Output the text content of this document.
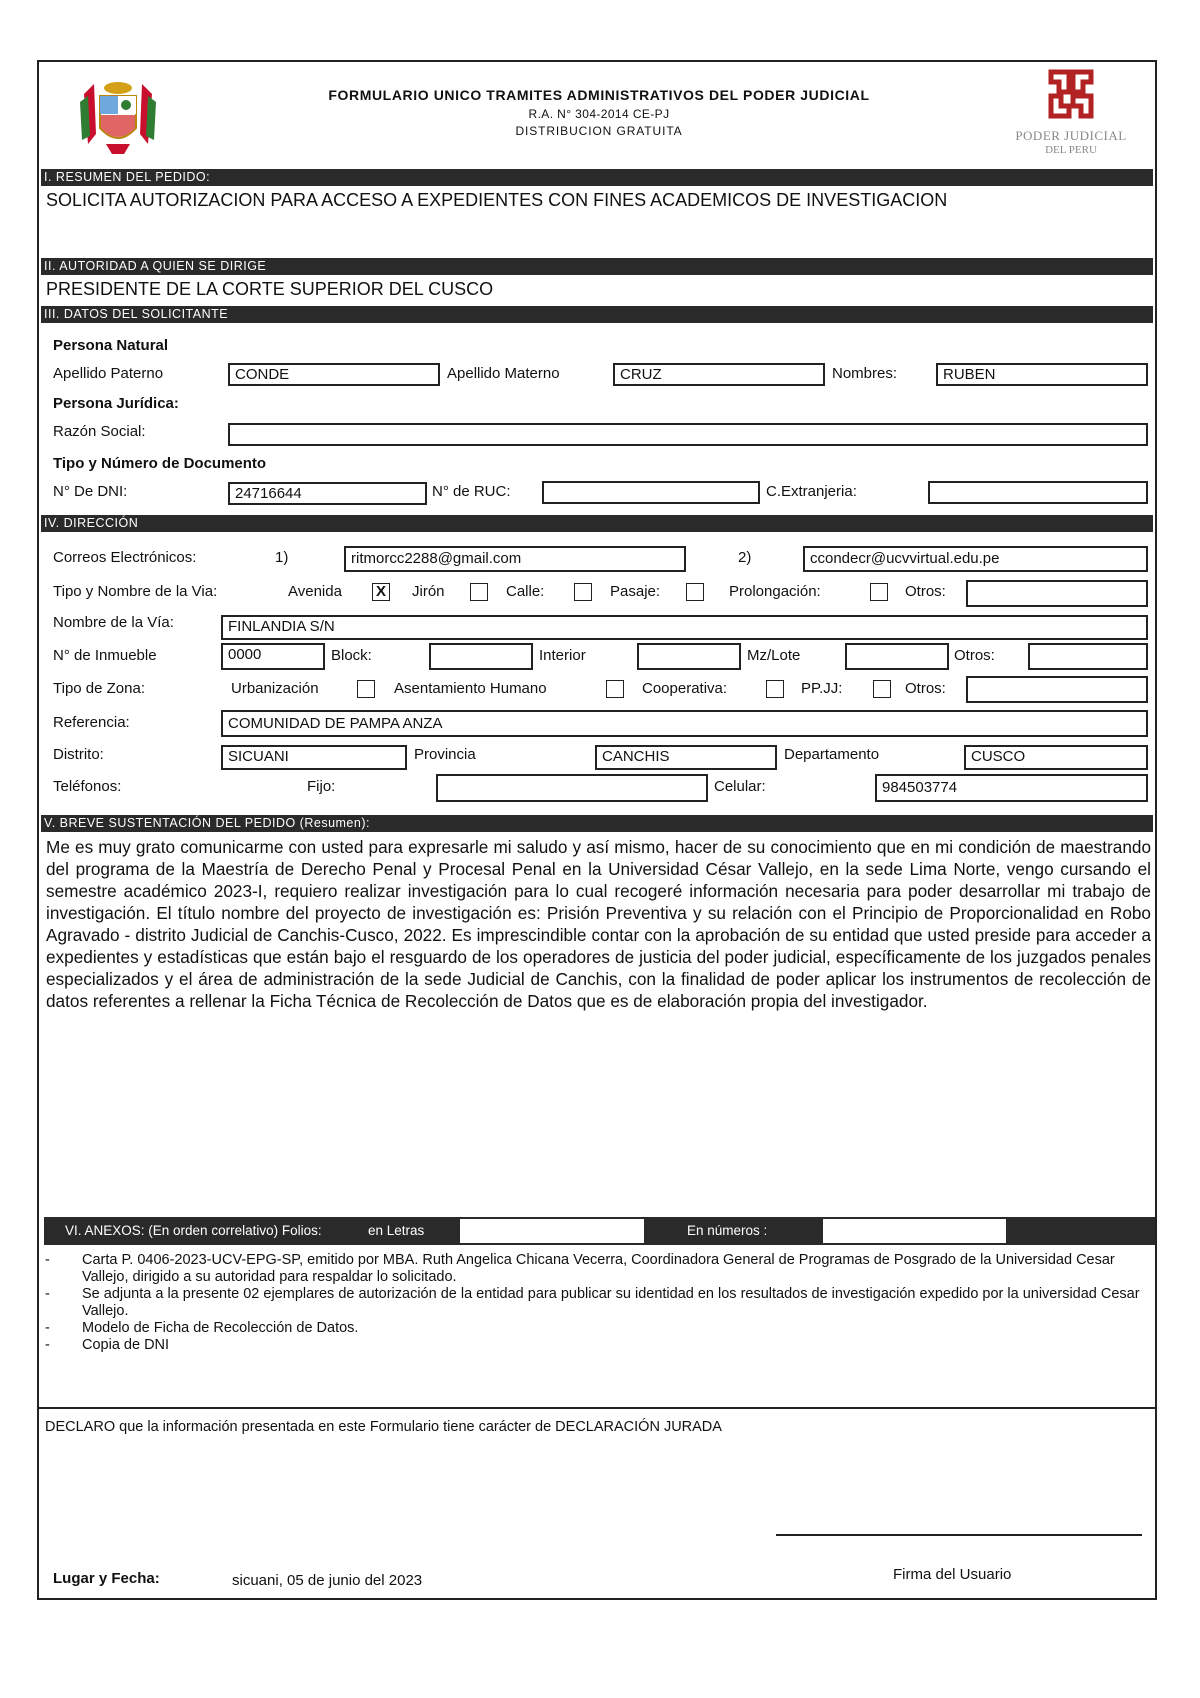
FORMULARIO UNICO TRAMITES ADMINISTRATIVOS DEL PODER JUDICIAL
R.A. N° 304-2014 CE-PJ
DISTRIBUCION GRATUITA	PODER JUDICIAL
DEL PERU
I. RESUMEN DEL PEDIDO:
SOLICITA AUTORIZACION PARA ACCESO A EXPEDIENTES CON FINES ACADEMICOS DE INVESTIGACION
II. AUTORIDAD A QUIEN SE DIRIGE
PRESIDENTE DE LA CORTE SUPERIOR DEL CUSCO
III. DATOS DEL SOLICITANTE
Persona Natural
Apellido Paterno	CONDE	Apellido Materno	CRUZ	Nombres:	RUBEN
Persona Jurídica:
Razón Social:
Tipo y Número de Documento
N° De DNI:	24716644	N° de RUC:	C.Extranjeria:
IV. DIRECCIÓN
Correos Electrónicos:	1)	ritmorcc2288@gmail.com	2)	ccondecr@ucvvirtual.edu.pe
Tipo y Nombre de la Via:	Avenida X Jirón	Calle:	Pasaje:	Prolongación:	Otros:
Nombre de la Vía:	FINLANDIA S/N
N° de Inmueble	0000	Block:	Interior	Mz/Lote	Otros:
Tipo de Zona:	Urbanización	Asentamiento Humano	Cooperativa:	PP.JJ:	Otros:
Referencia:	COMUNIDAD DE PAMPA ANZA
Distrito:	SICUANI	Provincia	CANCHIS	Departamento	CUSCO
Teléfonos:	Fijo:	Celular:	984503774
V. BREVE SUSTENTACIÓN DEL PEDIDO (Resumen):
Me es muy grato comunicarme con usted para expresarle mi saludo y así mismo, hacer de su conocimiento que en mi condición de maestrando del programa de la Maestría de Derecho Penal y Procesal Penal en la Universidad César Vallejo, en la sede Lima Norte, vengo cursando el semestre académico 2023-I, requiero realizar investigación para lo cual recogeré información necesaria para poder desarrollar mi trabajo de investigación. El título nombre del proyecto de investigación es: Prisión Preventiva y su relación con el Principio de Proporcionalidad en Robo Agravado - distrito Judicial de Canchis-Cusco, 2022. Es imprescindible contar con la aprobación de su entidad que usted preside para acceder a expedientes y estadísticas que están bajo el resguardo de los operadores de justicia del poder judicial, específicamente de los juzgados penales especializados y el área de administración de la sede Judicial de Canchis, con la finalidad de poder aplicar los instrumentos de recolección de datos referentes a rellenar la Ficha Técnica de Recolección de Datos que es de elaboración propia del investigador.
VI. ANEXOS: (En orden correlativo) Folios:	en Letras	En números :
- Carta P. 0406-2023-UCV-EPG-SP, emitido por MBA. Ruth Angelica Chicana Vecerra, Coordinadora General de Programas de Posgrado de la Universidad Cesar Vallejo, dirigido a su autoridad para respaldar lo solicitado.
- Se adjunta a la presente 02 ejemplares de autorización de la entidad para publicar su identidad en los resultados de investigación expedido por la universidad Cesar Vallejo.
- Modelo de Ficha de Recolección de Datos.
- Copia de DNI
DECLARO que la información presentada en este Formulario tiene carácter de DECLARACIÓN JURADA
Firma del Usuario
Lugar y Fecha:	sicuani, 05 de junio del 2023
